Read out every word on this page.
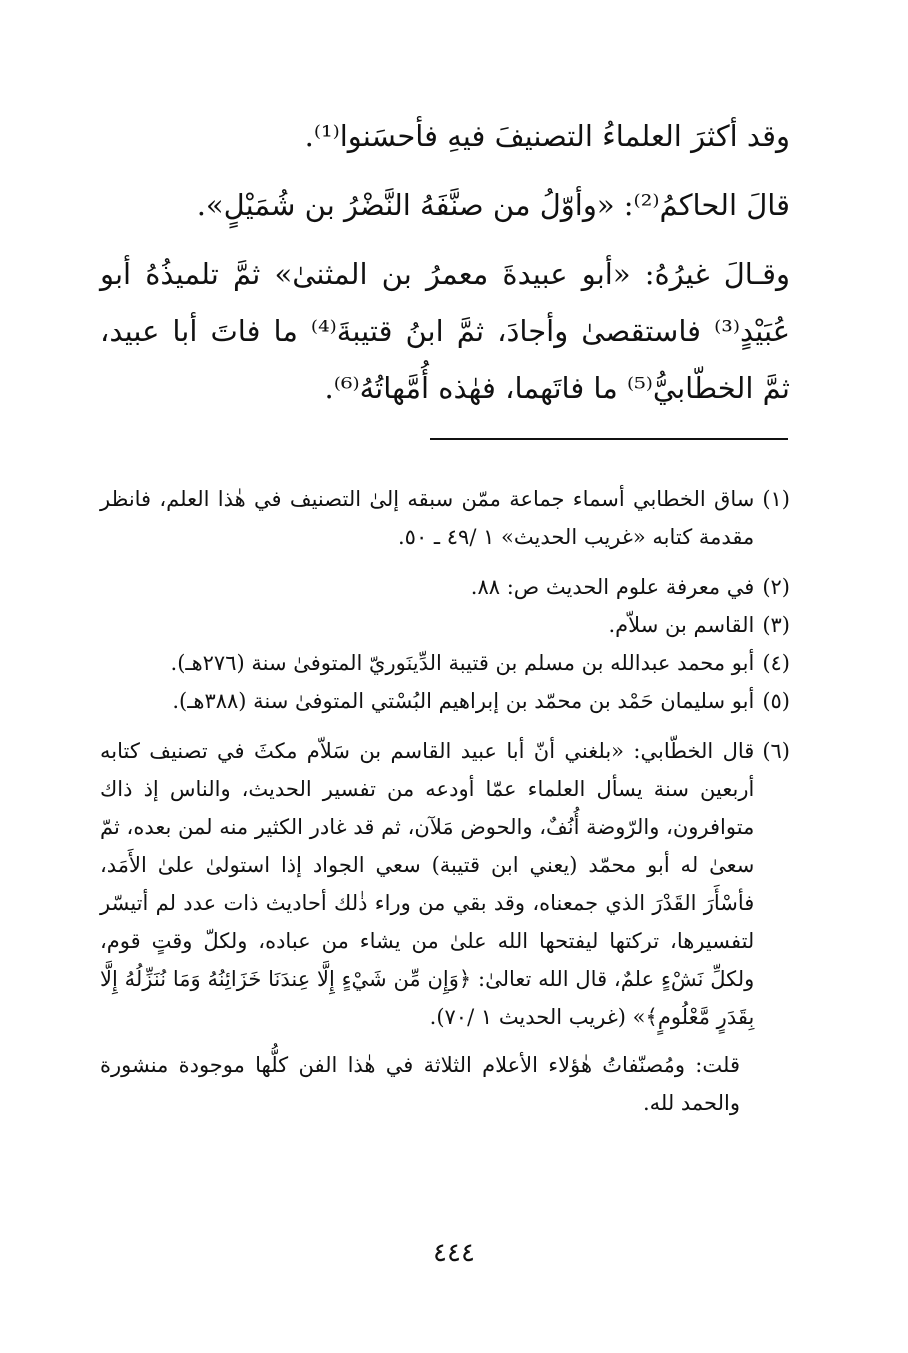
وقد أكثرَ العلماءُ التصنيفَ فيهِ فأحسَنوا⁽¹⁾.

قالَ الحاكمُ⁽²⁾: «وأوّلُ من صنَّفَهُ النَّضْرُ بن شُمَيْلٍ».

وقـالَ غيرُهُ: «أبو عبيدةَ معمرُ بن المثنىٰ» ثمَّ تلميذُهُ أبو عُبَيْدٍ⁽³⁾ فاستقصىٰ وأجادَ، ثمَّ ابنُ قتيبةَ⁽⁴⁾ ما فاتَ أبا عبيد، ثمَّ الخطّابيُّ⁽⁵⁾ ما فاتَهما، فهٰذه أُمَّهاتُهُ⁽⁶⁾.

(١)
ساق الخطابي أسماء جماعة ممّن سبقه إلىٰ التصنيف في هٰذا العلم، فانظر مقدمة كتابه «غريب الحديث» ١ /٤٩ ـ ٥٠.
(٢)
في معرفة علوم الحديث ص: ٨٨.
(٣)
القاسم بن سلاّم.
(٤)
أبو محمد عبدالله بن مسلم بن قتيبة الدِّينَوريّ المتوفىٰ سنة (٢٧٦هـ).
(٥)
أبو سليمان حَمْد بن محمّد بن إبراهيم البُسْتي المتوفىٰ سنة (٣٨٨هـ).
(٦)
قال الخطّابي: «بلغني أنّ أبا عبيد القاسم بن سَلاّم مكثَ في تصنيف كتابه أربعين سنة يسأل العلماء عمّا أودعه من تفسير الحديث، والناس إذ ذاك متوافرون، والرّوضة أُنُفٌ، والحوض مَلآن، ثم قد غادر الكثير منه لمن بعده، ثمّ سعىٰ له أبو محمّد (يعني ابن قتيبة) سعي الجواد إذا استولىٰ علىٰ الأَمَد، فأسْأَرَ القَدْرَ الذي جمعناه، وقد بقي من وراء ذٰلك أحاديث ذات عدد لم أتيسّر لتفسيرها، تركتها ليفتحها الله علىٰ من يشاء من عباده، ولكلّ وقتٍ قوم، ولكلِّ نَشْءٍ علمٌ، قال الله تعالىٰ: ﴿وَإِن مِّن شَيْءٍ إِلَّا عِندَنَا خَزَائِنُهُ وَمَا نُنَزِّلُهُ إِلَّا بِقَدَرٍ مَّعْلُومٍ﴾» (غريب الحديث ١ /٧٠).
قلت: ومُصنّفاتُ هٰؤلاء الأعلام الثلاثة في هٰذا الفن كلُّها موجودة منشورة والحمد لله.
٤٤٤
